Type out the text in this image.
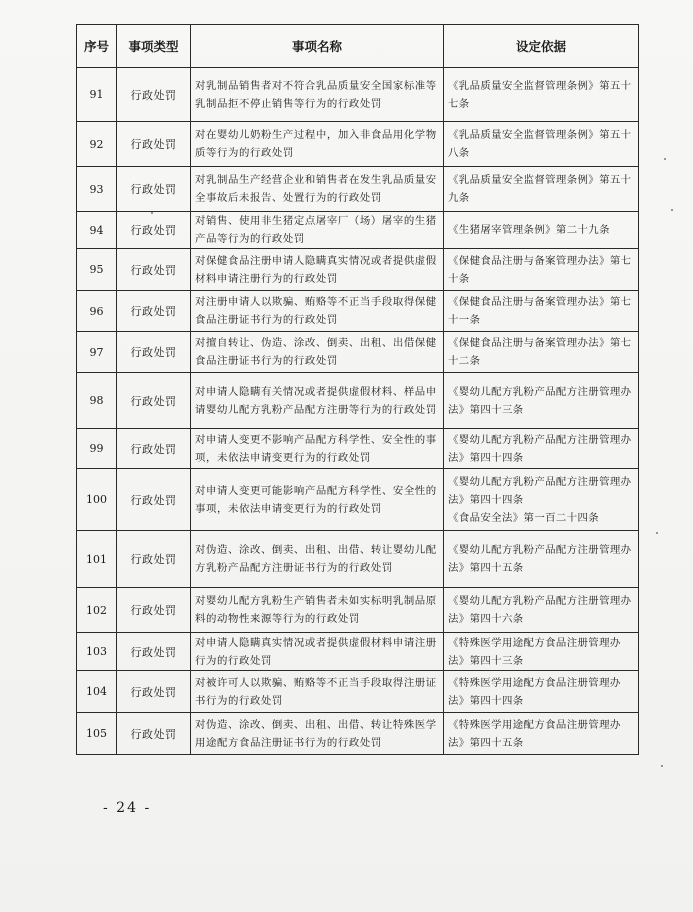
序号	事项类型	事项名称	设定依据
91	行政处罚	对乳制品销售者对不符合乳品质量安全国家标准等乳制品拒不停止销售等行为的行政处罚	《乳品质量安全监督管理条例》第五十七条

92	行政处罚	对在婴幼儿奶粉生产过程中，加入非食品用化学物质等行为的行政处罚	《乳品质量安全监督管理条例》第五十八条

93	行政处罚	对乳制品生产经营企业和销售者在发生乳品质量安全事故后未报告、处置行为的行政处罚	《乳品质量安全监督管理条例》第五十九条

94	行政处罚	对销售、使用非生猪定点屠宰厂（场）屠宰的生猪产品等行为的行政处罚	《生猪屠宰管理条例》第二十九条

95	行政处罚	对保健食品注册申请人隐瞒真实情况或者提供虚假材料申请注册行为的行政处罚	《保健食品注册与备案管理办法》第七十条

96	行政处罚	对注册申请人以欺骗、贿赂等不正当手段取得保健食品注册证书行为的行政处罚	《保健食品注册与备案管理办法》第七十一条

97	行政处罚	对擅自转让、伪造、涂改、倒卖、出租、出借保健食品注册证书行为的行政处罚	《保健食品注册与备案管理办法》第七十二条

98	行政处罚	对申请人隐瞒有关情况或者提供虚假材料、样品申请婴幼儿配方乳粉产品配方注册等行为的行政处罚	《婴幼儿配方乳粉产品配方注册管理办法》第四十三条

99	行政处罚	对申请人变更不影响产品配方科学性、安全性的事项，未依法申请变更行为的行政处罚	《婴幼儿配方乳粉产品配方注册管理办法》第四十四条

100	行政处罚	对申请人变更可能影响产品配方科学性、安全性的事项，未依法申请变更行为的行政处罚	《婴幼儿配方乳粉产品配方注册管理办法》第四十四条
《食品安全法》第一百二十四条

101	行政处罚	对伪造、涂改、倒卖、出租、出借、转让婴幼儿配方乳粉产品配方注册证书行为的行政处罚	《婴幼儿配方乳粉产品配方注册管理办法》第四十五条

102	行政处罚	对婴幼儿配方乳粉生产销售者未如实标明乳制品原料的动物性来源等行为的行政处罚	《婴幼儿配方乳粉产品配方注册管理办法》第四十六条

103	行政处罚	对申请人隐瞒真实情况或者提供虚假材料申请注册行为的行政处罚	《特殊医学用途配方食品注册管理办法》第四十三条

104	行政处罚	对被许可人以欺骗、贿赂等不正当手段取得注册证书行为的行政处罚	《特殊医学用途配方食品注册管理办法》第四十四条

105	行政处罚	对伪造、涂改、倒卖、出租、出借、转让特殊医学用途配方食品注册证书行为的行政处罚	《特殊医学用途配方食品注册管理办法》第四十五条
- 24 -
